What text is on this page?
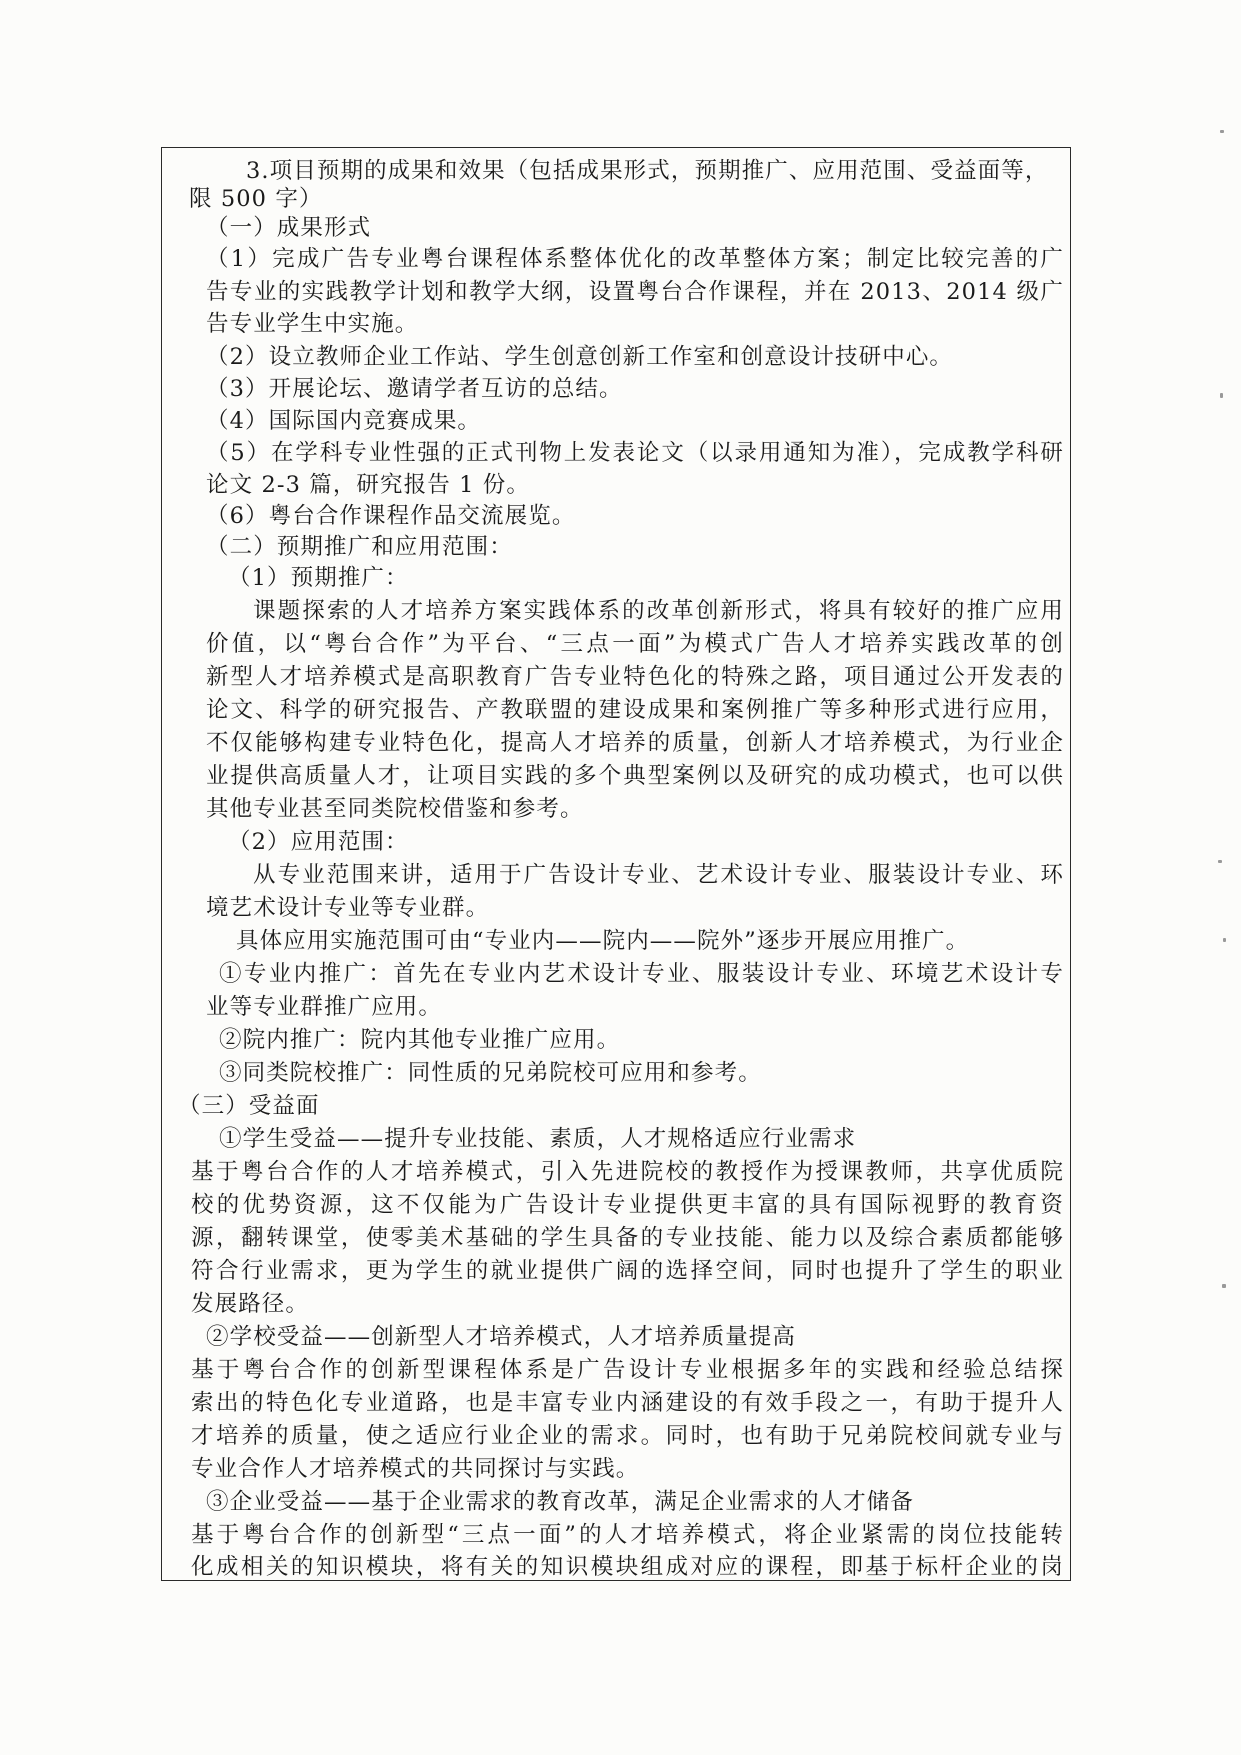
3.项目预期的成果和效果（包括成果形式，预期推广、应用范围、受益面等，
限 500 字）
（一）成果形式
（1）完成广告专业粤台课程体系整体优化的改革整体方案；制定比较完善的广
告专业的实践教学计划和教学大纲，设置粤台合作课程，并在 2013、2014 级广
告专业学生中实施。
（2）设立教师企业工作站、学生创意创新工作室和创意设计技研中心。
（3）开展论坛、邀请学者互访的总结。
（4）国际国内竞赛成果。
（5）在学科专业性强的正式刊物上发表论文（以录用通知为准），完成教学科研
论文 2-3 篇，研究报告 1 份。
（6）粤台合作课程作品交流展览。
（二）预期推广和应用范围：
（1）预期推广：
课题探索的人才培养方案实践体系的改革创新形式，将具有较好的推广应用
价值，以“粤台合作”为平台、“三点一面”为模式广告人才培养实践改革的创
新型人才培养模式是高职教育广告专业特色化的特殊之路，项目通过公开发表的
论文、科学的研究报告、产教联盟的建设成果和案例推广等多种形式进行应用，
不仅能够构建专业特色化，提高人才培养的质量，创新人才培养模式，为行业企
业提供高质量人才，让项目实践的多个典型案例以及研究的成功模式，也可以供
其他专业甚至同类院校借鉴和参考。
（2）应用范围：
从专业范围来讲，适用于广告设计专业、艺术设计专业、服装设计专业、环
境艺术设计专业等专业群。
具体应用实施范围可由“专业内——院内——院外”逐步开展应用推广。
①专业内推广：首先在专业内艺术设计专业、服装设计专业、环境艺术设计专
业等专业群推广应用。
②院内推广：院内其他专业推广应用。
③同类院校推广：同性质的兄弟院校可应用和参考。
（三）受益面
①学生受益——提升专业技能、素质，人才规格适应行业需求
基于粤台合作的人才培养模式，引入先进院校的教授作为授课教师，共享优质院
校的优势资源，这不仅能为广告设计专业提供更丰富的具有国际视野的教育资
源，翻转课堂，使零美术基础的学生具备的专业技能、能力以及综合素质都能够
符合行业需求，更为学生的就业提供广阔的选择空间，同时也提升了学生的职业
发展路径。
②学校受益——创新型人才培养模式，人才培养质量提高
基于粤台合作的创新型课程体系是广告设计专业根据多年的实践和经验总结探
索出的特色化专业道路，也是丰富专业内涵建设的有效手段之一，有助于提升人
才培养的质量，使之适应行业企业的需求。同时，也有助于兄弟院校间就专业与
专业合作人才培养模式的共同探讨与实践。
③企业受益——基于企业需求的教育改革，满足企业需求的人才储备
基于粤台合作的创新型“三点一面”的人才培养模式，将企业紧需的岗位技能转
化成相关的知识模块，将有关的知识模块组成对应的课程，即基于标杆企业的岗
